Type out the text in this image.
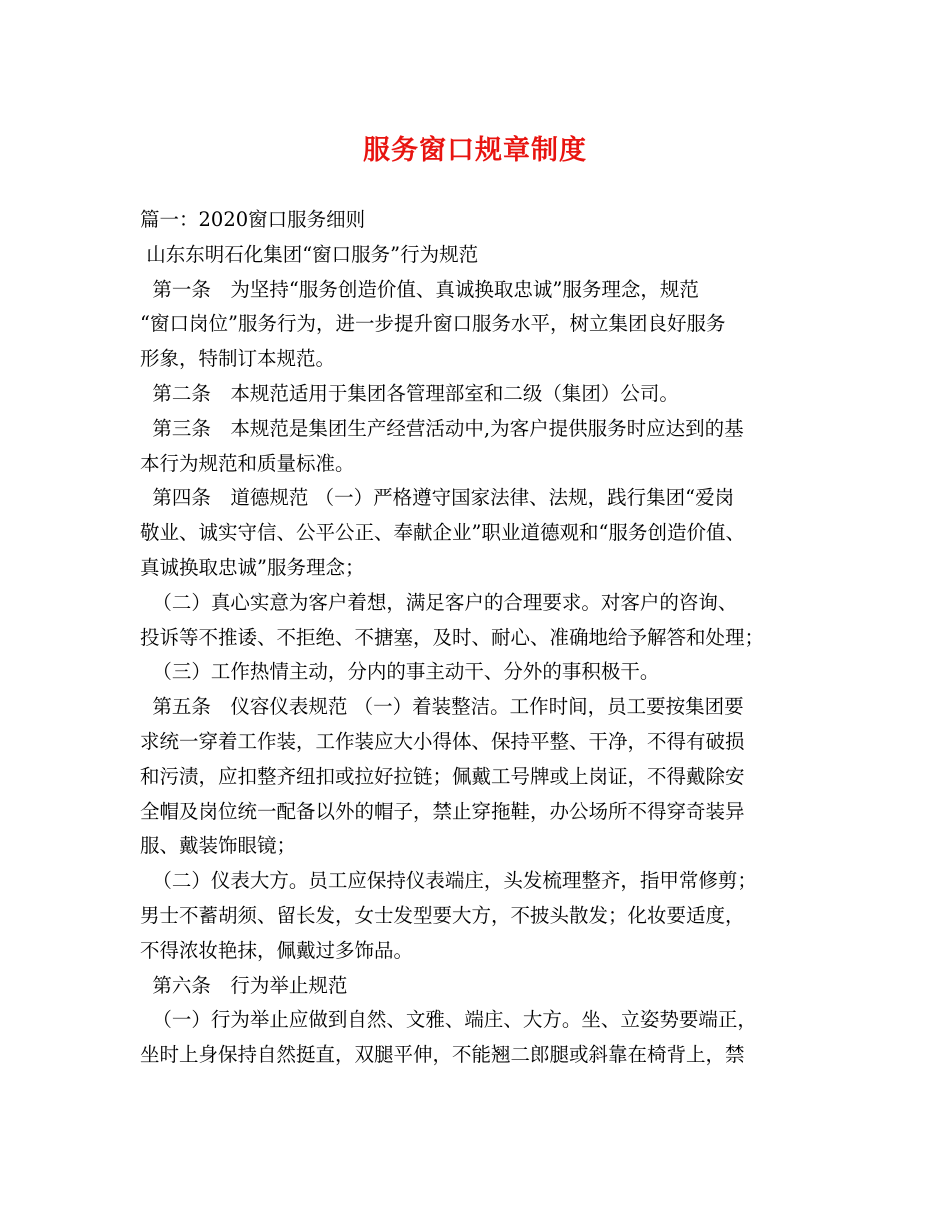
服务窗口规章制度
篇一：2020窗口服务细则
山东东明石化集团“窗口服务”行为规范
第一条　为坚持“服务创造价值、真诚换取忠诚”服务理念，规范
“窗口岗位”服务行为，进一步提升窗口服务水平，树立集团良好服务
形象，特制订本规范。
第二条　本规范适用于集团各管理部室和二级（集团）公司。
第三条　本规范是集团生产经营活动中,为客户提供服务时应达到的基
本行为规范和质量标准。
第四条　道德规范 （一）严格遵守国家法律、法规，践行集团“爱岗
敬业、诚实守信、公平公正、奉献企业”职业道德观和“服务创造价值、
真诚换取忠诚”服务理念；
（二）真心实意为客户着想，满足客户的合理要求。对客户的咨询、
投诉等不推诿、不拒绝、不搪塞，及时、耐心、准确地给予解答和处理；
（三）工作热情主动，分内的事主动干、分外的事积极干。
第五条　仪容仪表规范 （一）着装整洁。工作时间，员工要按集团要
求统一穿着工作装，工作装应大小得体、保持平整、干净，不得有破损
和污渍，应扣整齐纽扣或拉好拉链；佩戴工号牌或上岗证，不得戴除安
全帽及岗位统一配备以外的帽子，禁止穿拖鞋，办公场所不得穿奇装异
服、戴装饰眼镜；
（二）仪表大方。员工应保持仪表端庄，头发梳理整齐，指甲常修剪；
男士不蓄胡须、留长发，女士发型要大方，不披头散发；化妆要适度，
不得浓妆艳抹，佩戴过多饰品。
第六条　行为举止规范
（一）行为举止应做到自然、文雅、端庄、大方。坐、立姿势要端正，
坐时上身保持自然挺直，双腿平伸，不能翘二郎腿或斜靠在椅背上，禁
